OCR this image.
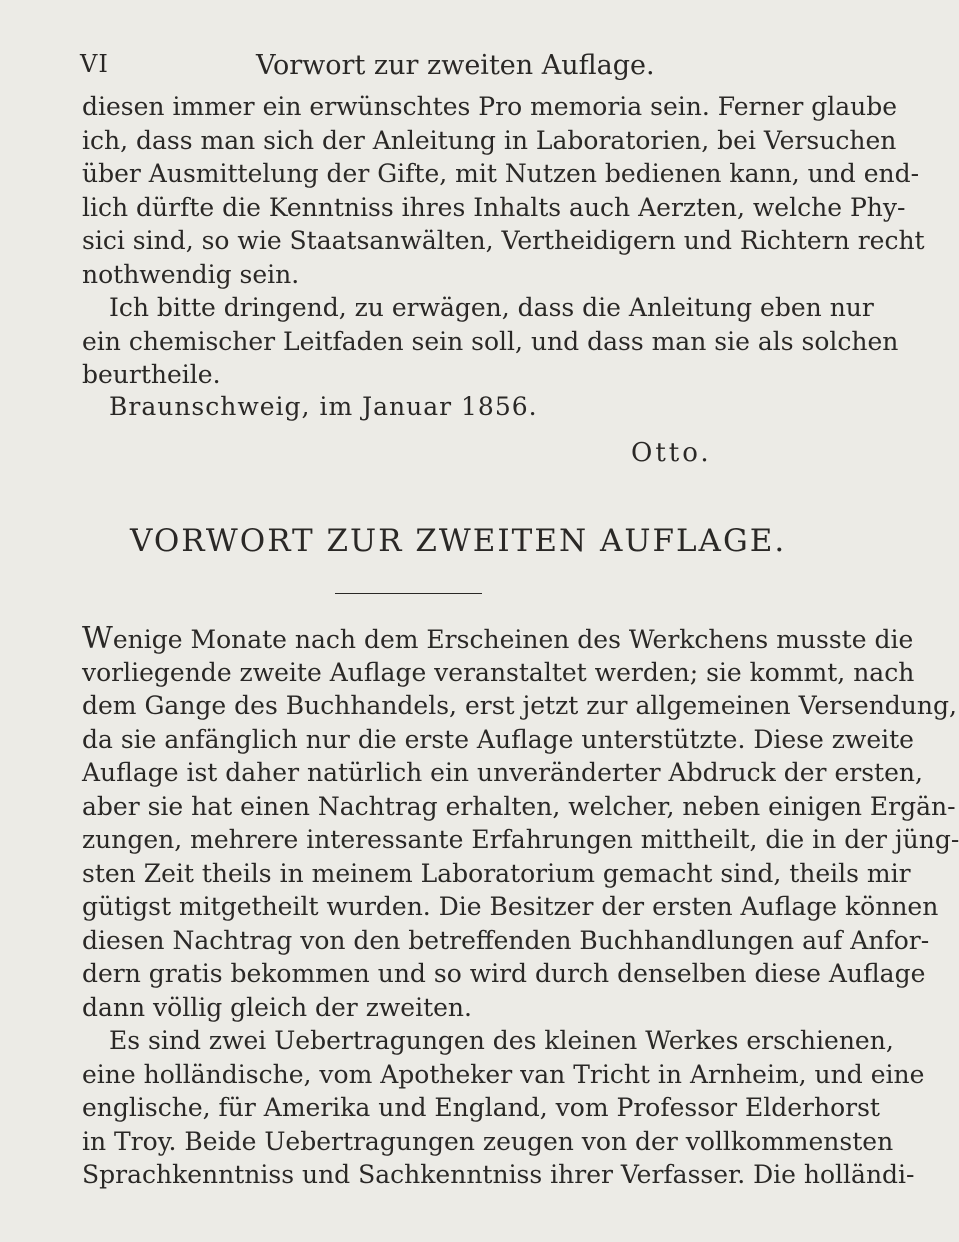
VI	Vorwort zur zweiten Auflage.
diesen immer ein erwünschtes Pro memoria sein. Ferner glaube
ich, dass man sich der Anleitung in Laboratorien, bei Versuchen
über Ausmittelung der Gifte, mit Nutzen bedienen kann, und end-
lich dürfte die Kenntniss ihres Inhalts auch Aerzten, welche Phy-
sici sind, so wie Staatsanwälten, Vertheidigern und Richtern recht
nothwendig sein.
Ich bitte dringend, zu erwägen, dass die Anleitung eben nur
ein chemischer Leitfaden sein soll, und dass man sie als solchen
beurtheile.
Braunschweig, im Januar 1856.
Otto.
VORWORT ZUR ZWEITEN AUFLAGE.
Wenige Monate nach dem Erscheinen des Werkchens musste die
vorliegende zweite Auflage veranstaltet werden; sie kommt, nach
dem Gange des Buchhandels, erst jetzt zur allgemeinen Versendung,
da sie anfänglich nur die erste Auflage unterstützte. Diese zweite
Auflage ist daher natürlich ein unveränderter Abdruck der ersten,
aber sie hat einen Nachtrag erhalten, welcher, neben einigen Ergän-
zungen, mehrere interessante Erfahrungen mittheilt, die in der jüng-
sten Zeit theils in meinem Laboratorium gemacht sind, theils mir
gütigst mitgetheilt wurden. Die Besitzer der ersten Auflage können
diesen Nachtrag von den betreffenden Buchhandlungen auf Anfor-
dern gratis bekommen und so wird durch denselben diese Auflage
dann völlig gleich der zweiten.
Es sind zwei Uebertragungen des kleinen Werkes erschienen,
eine holländische, vom Apotheker van Tricht in Arnheim, und eine
englische, für Amerika und England, vom Professor Elderhorst
in Troy. Beide Uebertragungen zeugen von der vollkommensten
Sprachkenntniss und Sachkenntniss ihrer Verfasser. Die holländi-
